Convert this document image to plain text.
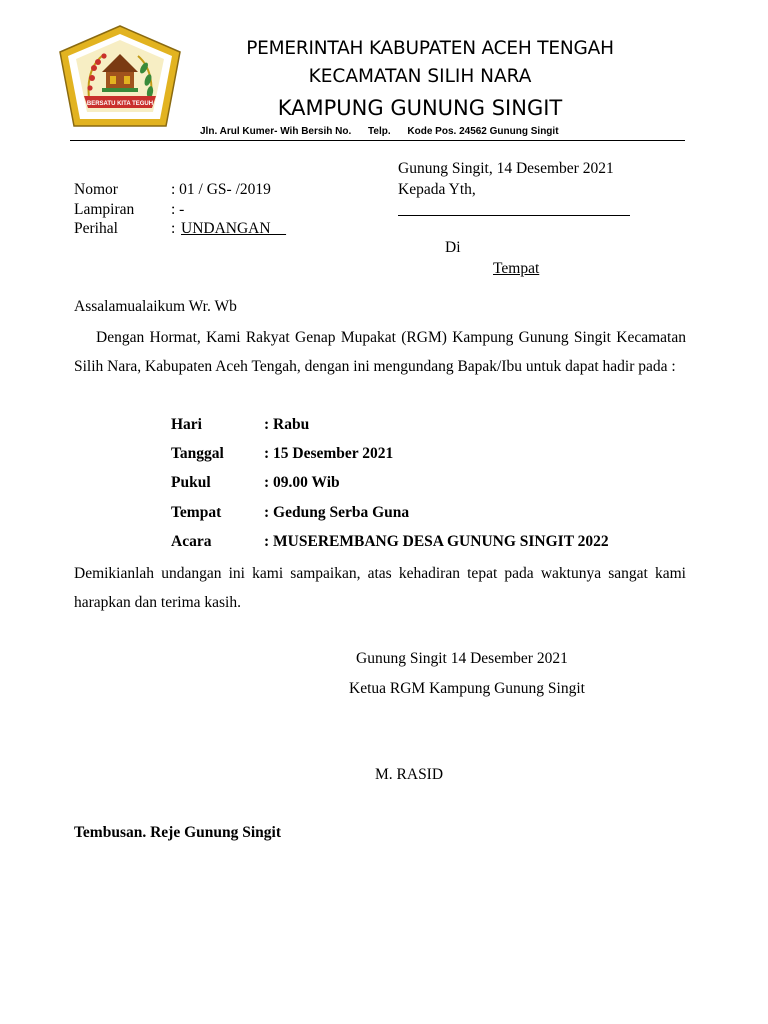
BERSATU KITA TEGUH
PEMERINTAH KABUPATEN ACEH TENGAH
KECAMATAN SILIH NARA
KAMPUNG GUNUNG SINGIT
Jln. Arul Kumer- Wih Bersih No. Telp. Kode Pos. 24562 Gunung Singit
Gunung Singit, 14 Desember 2021
Kepada Yth,
Di
Tempat
Nomor	: 01 / GS- /2019
Lampiran : -
Perihal	: UNDANGAN
Assalamualaikum Wr. Wb
Dengan Hormat, Kami Rakyat Genap Mupakat (RGM) Kampung Gunung Singit Kecamatan Silih Nara, Kabupaten Aceh Tengah, dengan ini mengundang Bapak/Ibu untuk dapat hadir pada :
Hari	: Rabu
Tanggal	: 15 Desember 2021
Pukul	: 09.00 Wib
Tempat	: Gedung Serba Guna
Acara	: MUSEREMBANG DESA GUNUNG SINGIT 2022
Demikianlah undangan ini kami sampaikan, atas kehadiran tepat pada waktunya sangat kami harapkan dan terima kasih.
Gunung Singit 14 Desember 2021
Ketua RGM Kampung Gunung Singit
M. RASID
Tembusan. Reje Gunung Singit
